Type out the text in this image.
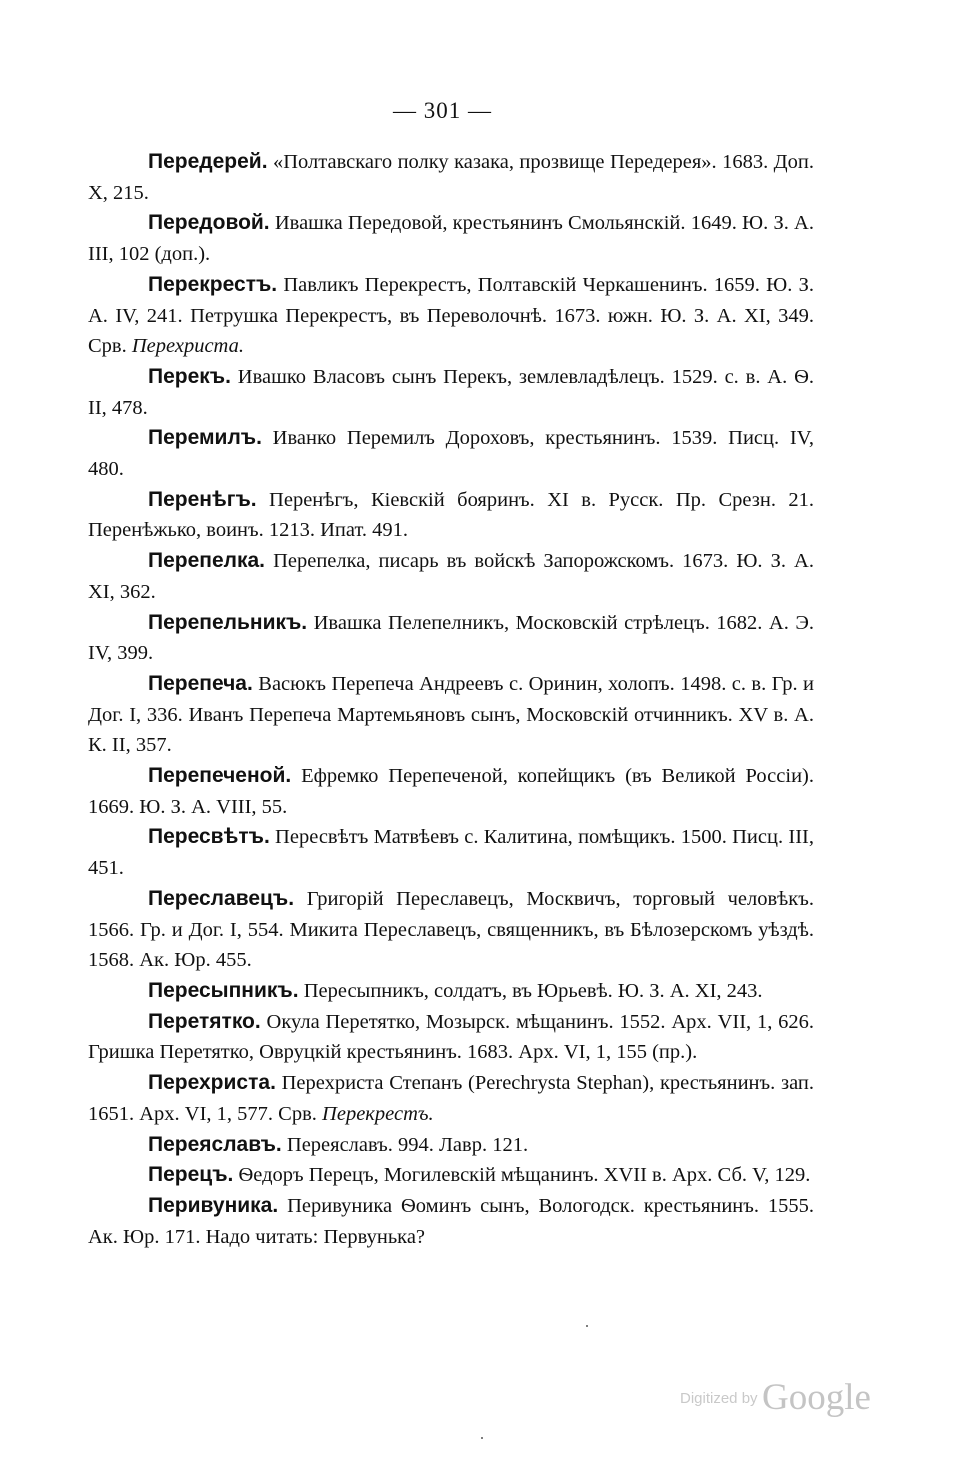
— 301 —

Передерей. «Полтавскаго полку казака, прозвище Передерея». 1683. Доп. X, 215.

Передовой. Ивашка Передовой, крестьянинъ Смольянскій. 1649. Ю. З. А. III, 102 (доп.).

Перекрестъ. Павликъ Перекрестъ, Полтавскій Черкашенинъ. 1659. Ю. З. А. IV, 241. Петрушка Перекрестъ, въ Переволочнѣ. 1673. южн. Ю. З. А. XI, 349. Срв. Перехриста.

Перекъ. Ивашко Власовъ сынъ Перекъ, землевладѣлецъ. 1529. с. в. А. Ѳ. II, 478.

Перемилъ. Иванко Перемилъ Дороховъ, крестьянинъ. 1539. Писц. IV, 480.

Перенѣгъ. Перенѣгъ, Кіевскій бояринъ. XI в. Русск. Пр. Срезн. 21. Перенѣжько, воинъ. 1213. Ипат. 491.

Перепелка. Перепелка, писарь въ войскѣ Запорожскомъ. 1673. Ю. З. А. XI, 362.

Перепельникъ. Ивашка Пелепелникъ, Московскій стрѣлецъ. 1682. А. Э. IV, 399.

Перепеча. Васюкъ Перепеча Андреевъ с. Оринин, холопъ. 1498. с. в. Гр. и Дог. I, 336. Иванъ Перепеча Мартемьяновъ сынъ, Московскій отчинникъ. XV в. А. К. II, 357.

Перепеченой. Ефремко Перепеченой, копейщикъ (въ Великой Россіи). 1669. Ю. З. А. VIII, 55.

Пересвѣтъ. Пересвѣтъ Матвѣевъ с. Калитина, помѣщикъ. 1500. Писц. III, 451.

Переславецъ. Григорій Переславецъ, Москвичъ, торговый человѣкъ. 1566. Гр. и Дог. I, 554. Микита Переславецъ, священникъ, въ Бѣлозерскомъ уѣздѣ. 1568. Ак. Юр. 455.

Пересыпникъ. Пересыпникъ, солдатъ, въ Юрьевѣ. Ю. З. А. XI, 243.

Перетятко. Окула Перетятко, Мозырск. мѣщанинъ. 1552. Арх. VII, 1, 626. Гришка Перетятко, Овруцкій крестьянинъ. 1683. Арх. VI, 1, 155 (пр.).

Перехриста. Перехриста Степанъ (Perechrysta Stephan), крестьянинъ. зап. 1651. Арх. VI, 1, 577. Срв. Перекрестъ.

Переяславъ. Переяславъ. 994. Лавр. 121.

Перецъ. Ѳедоръ Перецъ, Могилевскій мѣщанинъ. XVII в. Арх. Сб. V, 129.

Перивуника. Перивуника Ѳоминъ сынъ, Вологодск. крестьянинъ. 1555. Ак. Юр. 171. Надо читать: Первунька?

Digitized by Google
